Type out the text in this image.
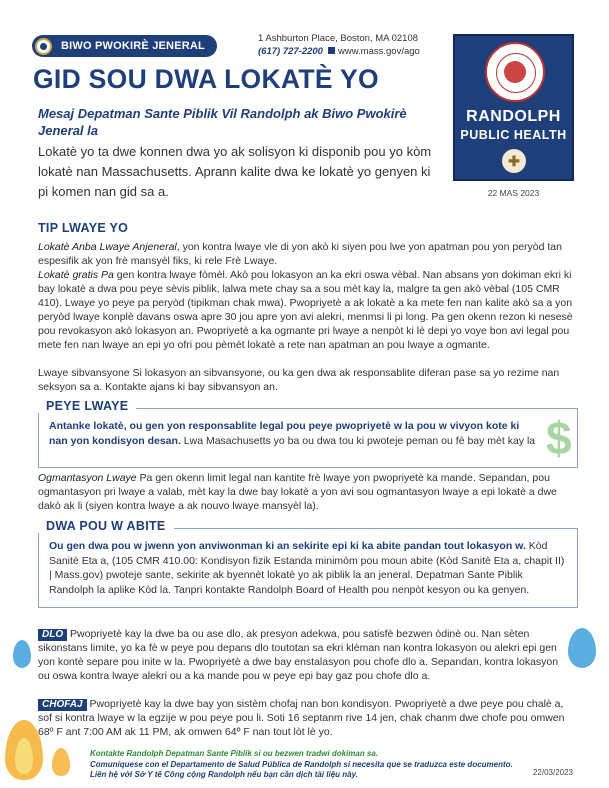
BIWO PWOKIRÈ JENERAL
1 Ashburton Place, Boston, MA 02108
(617) 727-2200 www.mass.gov/ago
RANDOLPH
PUBLIC HEALTH
✚
22 MAS 2023
GID SOU DWA LOKATÈ YO
Mesaj Depatman Sante Piblik Vil Randolph ak Biwo Pwokirè Jeneral la
Lokatè yo ta dwe konnen dwa yo ak solisyon ki disponib pou yo kòm lokatè nan Massachusetts. Aprann kalite dwa ke lokatè yo genyen ki pi komen nan gid sa a.
TIP LWAYE YO
Lokatè Anba Lwaye Anjeneral, yon kontra lwaye vle di yon akò ki siyen pou lwe yon apatman pou yon peryòd tan espesifik ak yon frè mansyèl fiks, ki rele Frè Lwaye.
Lokatè gratis Pa gen kontra lwaye fòmèl. Akò pou lokasyon an ka ekri oswa vèbal. Nan absans yon dokiman ekri ki bay lokatè a dwa pou peye sèvis piblik, lalwa mete chay sa a sou mèt kay la, malgre ta gen akò vèbal (105 CMR 410). Lwaye yo peye pa peryòd (tipikman chak mwa). Pwopriyetè a ak lokatè a ka mete fen nan kalite akò sa a yon peryòd lwaye konplè davans oswa apre 30 jou apre yon avi alekri, menmsi li pi long. Pa gen okenn rezon ki nesesè pou revokasyon akò lokasyon an. Pwopriyetè a ka ogmante pri lwaye a nenpòt ki lè depi yo voye bon avi legal pou mete fen nan lwaye an epi yo ofri pou pèmèt lokatè a rete nan apatman an pou lwaye a ogmante.
Lwaye sibvansyone Si lokasyon an sibvansyone, ou ka gen dwa ak responsablite diferan pase sa yo rezime nan seksyon sa a. Kontakte ajans ki bay sibvansyon an.
PEYE LWAYE
Antanke lokatè, ou gen yon responsablite legal pou peye pwopriyetè w la pou w vivyon kote ki nan yon kondisyon desan. Lwa Masachusetts yo ba ou dwa tou ki pwoteje peman ou fè bay mèt kay la $
Ogmantasyon Lwaye Pa gen okenn limit legal nan kantite frè lwaye yon pwopriyetè ka mande. Sepandan, pou ogmantasyon pri lwaye a valab, mèt kay la dwe bay lokatè a yon avi sou ogmantasyon lwaye a epi lokatè a dwe dakò ak li (siyen kontra lwaye a ak nouvo lwaye mansyèl la).
DWA POU W ABITE
Ou gen dwa pou w jwenn yon anviwonman ki an sekirite epi ki ka abite pandan tout lokasyon w. Kòd Sanitè Eta a, (105 CMR 410.00: Kondisyon fizik Estanda minimòm pou moun abite (Kòd Sanitè Eta a, chapit II) | Mass.gov) pwoteje sante, sekirite ak byennèt lokatè yo ak piblik la an jeneral. Depatman Sante Piblik Randolph la aplike Kòd la. Tanpri kontakte Randolph Board of Health pou nenpòt kesyon ou ka genyen.
DLO Pwopriyetè kay la dwe ba ou ase dlo, ak presyon adekwa, pou satisfè bezwen òdinè ou. Nan sèten sikonstans limite, yo ka fè w peye pou depans dlo toutotan sa ekri klèman nan kontra lokasyon ou alekri epi gen yon kontè separe pou inite w la. Pwopriyetè a dwe bay enstalasyon pou chofe dlo a. Sepandan, kontra lokasyon ou oswa kontra lwaye alekri ou a ka mande pou w peye epi bay gaz pou chofe dlo a.
CHOFAJ Pwopriyetè kay la dwe bay yon sistèm chofaj nan bon kondisyon. Pwopriyetè a dwe peye pou chalè a, sof si kontra lwaye w la egzije w pou peye pou li. Soti 16 septanm rive 14 jen, chak chanm dwe chofe pou omwen 68º F ant 7:00 AM ak 11 PM, ak omwen 64º F nan tout lòt lè yo.
Kontakte Randolph Depatman Sante Piblik si ou bezwen tradwi dokiman sa.
Comuníquese con el Departamento de Salud Pública de Randolph si necesita que se traduzca este documento.
Liên hệ với Sở Y tế Công cộng Randolph nếu bạn cần dịch tài liệu này.	22/03/2023
